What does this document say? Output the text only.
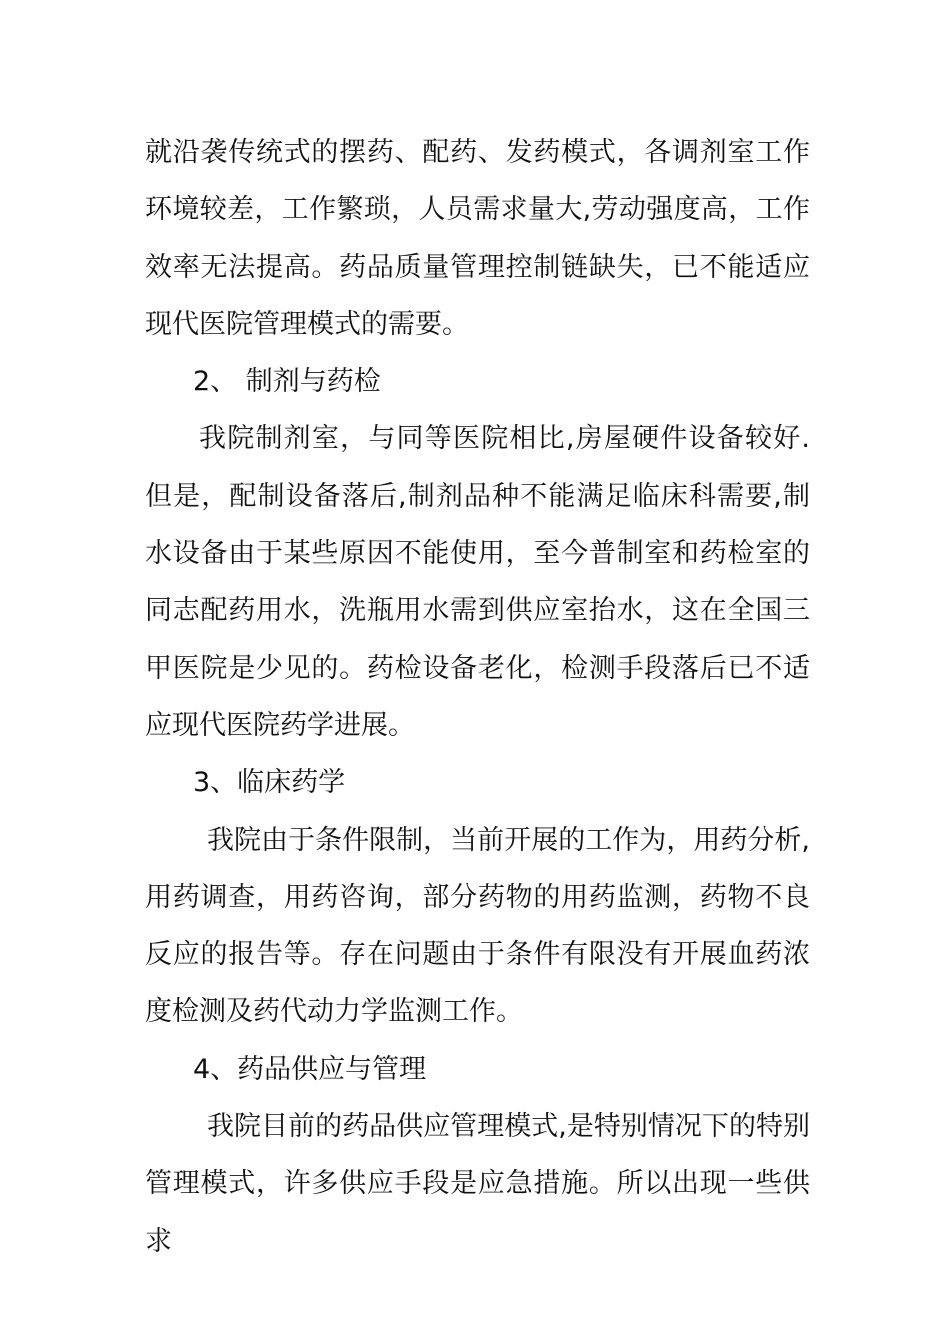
就沿袭传统式的摆药、配药、发药模式，各调剂室工作环境较差，工作繁琐，人员需求量大,劳动强度高，工作效率无法提高。药品质量管理控制链缺失，已不能适应现代医院管理模式的需要。

2、 制剂与药检

我院制剂室，与同等医院相比,房屋硬件设备较好.但是，配制设备落后,制剂品种不能满足临床科需要,制水设备由于某些原因不能使用，至今普制室和药检室的同志配药用水，洗瓶用水需到供应室抬水，这在全国三甲医院是少见的。药检设备老化，检测手段落后已不适应现代医院药学进展。

3、临床药学

我院由于条件限制，当前开展的工作为，用药分析,用药调查，用药咨询，部分药物的用药监测，药物不良反应的报告等。存在问题由于条件有限没有开展血药浓度检测及药代动力学监测工作。

4、药品供应与管理

我院目前的药品供应管理模式,是特别情况下的特别管理模式，许多供应手段是应急措施。所以出现一些供求
